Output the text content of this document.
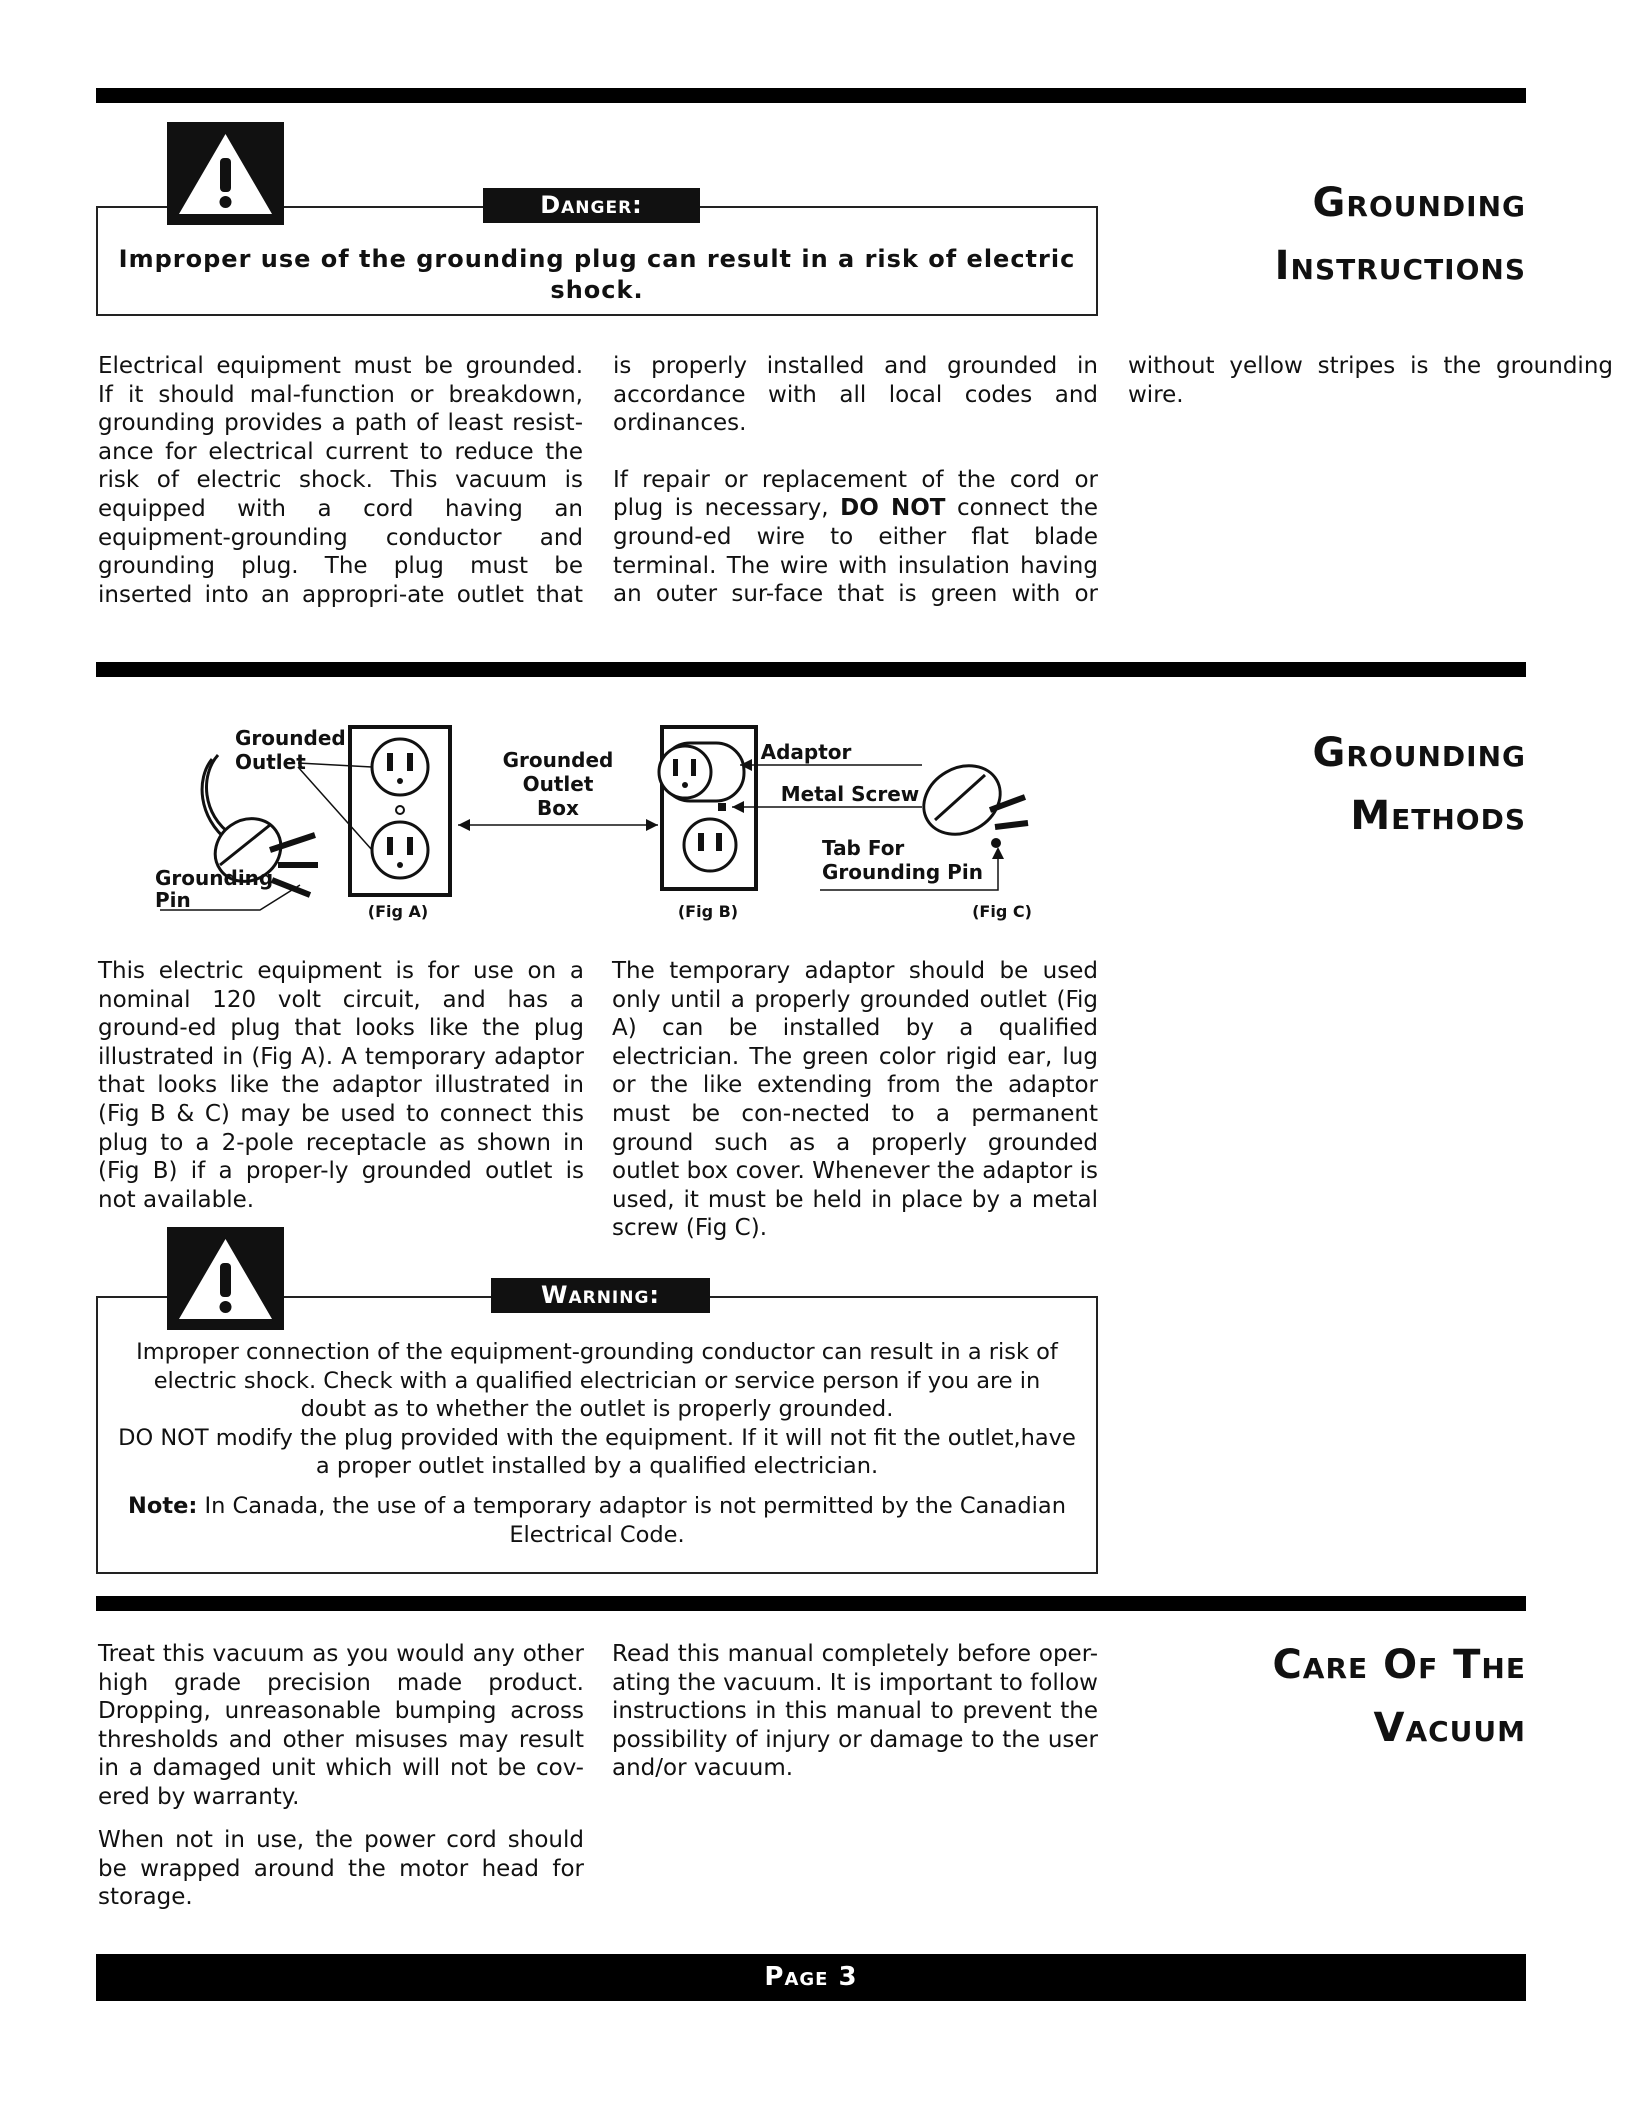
Improper use of the grounding plug can result in a risk of electric shock.
Danger:	Grounding
Instructions

Electrical equipment must be grounded. If it should mal-function or breakdown, grounding provides a path of least resist-ance for electrical current to reduce the risk of electric shock. This vacuum is equipped with a cord having an equipment-grounding conductor and grounding plug. The plug must be inserted into an appropri-ate outlet that is properly installed and grounded in accordance with all local codes and ordinances.

If repair or replacement of the cord or plug is necessary, DO NOT connect the ground-ed wire to either flat blade terminal. The wire with insulation having an outer sur-face that is green with or without yellow stripes is the grounding wire.

Grounding
Methods
Grounded
Outlet
Grounding
Pin
Grounded
Outlet
Box
Adaptor
Metal Screw
Tab For
Grounding Pin
(Fig A)	(Fig B)	(Fig C)

This electric equipment is for use on a nominal 120 volt circuit, and has a ground-ed plug that looks like the plug illustrated in (Fig A). A temporary adaptor that looks like the adaptor illustrated in (Fig B & C) may be used to connect this plug to a 2-pole receptacle as shown in (Fig B) if a proper-ly grounded outlet is not available.

The temporary adaptor should be used only until a properly grounded outlet (Fig A) can be installed by a qualified electrician. The green color rigid ear, lug or the like extending from the adaptor must be con-nected to a permanent ground such as a properly grounded outlet box cover. Whenever the adaptor is used, it must be held in place by a metal screw (Fig C).

Improper connection of the equipment-grounding conductor can result in a risk of electric shock. Check with a qualified electrician or service person if you are in doubt as to whether the outlet is properly grounded.

DO NOT modify the plug provided with the equipment. If it will not fit the outlet,have a proper outlet installed by a qualified electrician.

Note: In Canada, the use of a temporary adaptor is not permitted by the Canadian Electrical Code.

Warning:
Care Of The
Vacuum

Treat this vacuum as you would any other high grade precision made product. Dropping, unreasonable bumping across thresholds and other misuses may result in a damaged unit which will not be cov-ered by warranty.

When not in use, the power cord should be wrapped around the motor head for storage.

Read this manual completely before oper-ating the vacuum. It is important to follow instructions in this manual to prevent the possibility of injury or damage to the user and/or vacuum.

Page 3
